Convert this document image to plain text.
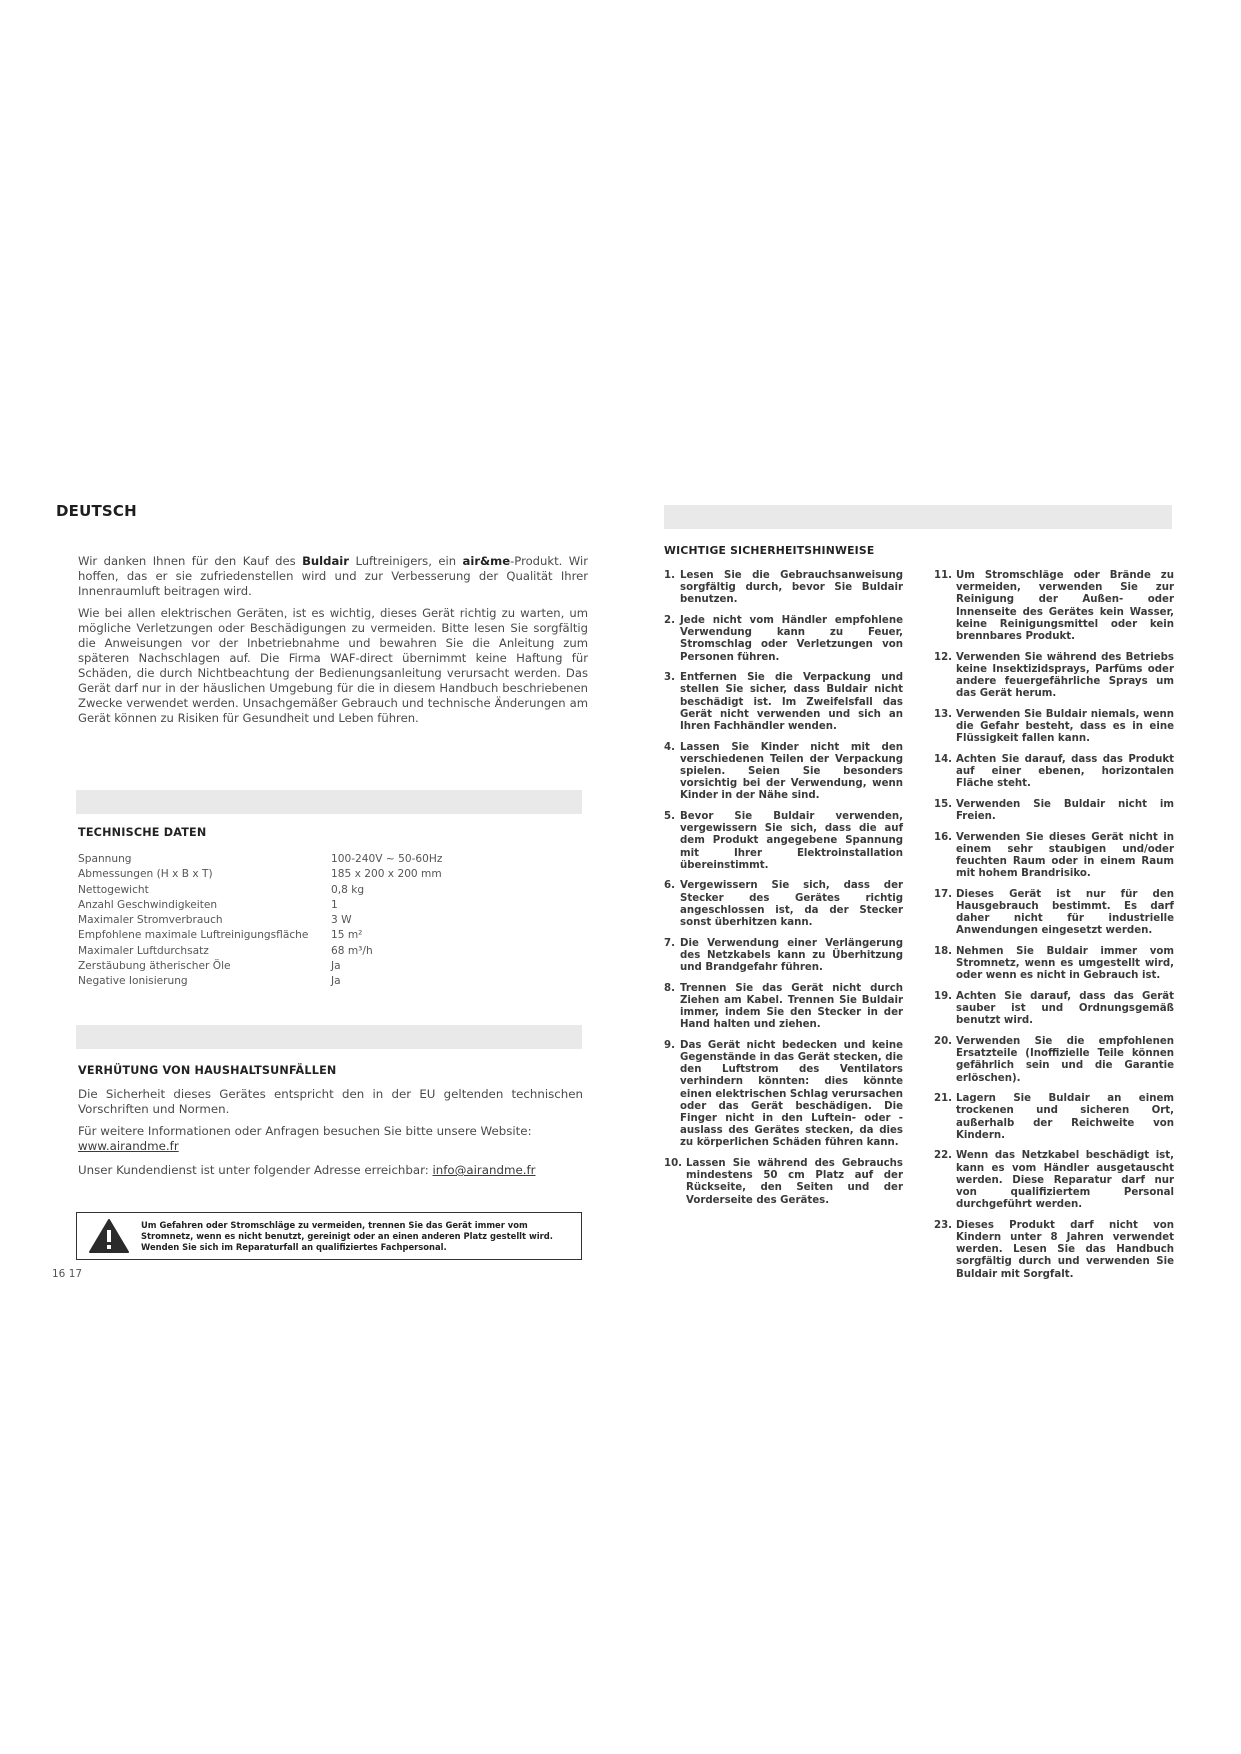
DEUTSCH

Wir danken Ihnen für den Kauf des Buldair Luftreinigers, ein air&me-Produkt. Wir hoffen, das er sie zufriedenstellen wird und zur Verbesserung der Qualität Ihrer Innenraumluft beitragen wird.

Wie bei allen elektrischen Geräten, ist es wichtig, dieses Gerät richtig zu warten, um mögliche Verletzungen oder Beschädigungen zu vermeiden. Bitte lesen Sie sorgfältig die Anweisungen vor der Inbetriebnahme und bewahren Sie die Anleitung zum späteren Nachschlagen auf. Die Firma WAF-direct übernimmt keine Haftung für Schäden, die durch Nichtbeachtung der Bedienungsanleitung verursacht werden. Das Gerät darf nur in der häuslichen Umgebung für die in diesem Handbuch beschriebenen Zwecke verwendet werden. Unsachgemäßer Gebrauch und technische Änderungen am Gerät können zu Risiken für Gesundheit und Leben führen.

TECHNISCHE DATEN
Spannung	100-240V ~ 50-60Hz
Abmessungen (H x B x T)	185 x 200 x 200 mm
Nettogewicht	0,8 kg
Anzahl Geschwindigkeiten	1
Maximaler Stromverbrauch	3 W
Empfohlene maximale Luftreinigungsfläche	15 m²
Maximaler Luftdurchsatz	68 m³/h
Zerstäubung ätherischer Öle	Ja
Negative Ionisierung	Ja
VERHÜTUNG VON HAUSHALTSUNFÄLLEN
Die Sicherheit dieses Gerätes entspricht den in der EU geltenden technischen Vorschriften und Normen.
Für weitere Informationen oder Anfragen besuchen Sie bitte unsere Website:
www.airandme.fr
Unser Kundendienst ist unter folgender Adresse erreichbar: info@airandme.fr
Um Gefahren oder Stromschläge zu vermeiden, trennen Sie das Gerät immer vom Stromnetz, wenn es nicht benutzt, gereinigt oder an einen anderen Platz gestellt wird. Wenden Sie sich im Reparaturfall an qualifiziertes Fachpersonal.
16 17
WICHTIGE SICHERHEITSHINWEISE
1. Lesen Sie die Gebrauchsanweisung sorgfältig durch, bevor Sie Buldair benutzen.
2. Jede nicht vom Händler empfohlene Verwendung kann zu Feuer, Stromschlag oder Verletzungen von Personen führen.
3. Entfernen Sie die Verpackung und stellen Sie sicher, dass Buldair nicht beschädigt ist. Im Zweifelsfall das Gerät nicht verwenden und sich an Ihren Fachhändler wenden.
4. Lassen Sie Kinder nicht mit den verschiedenen Teilen der Verpackung spielen. Seien Sie besonders vorsichtig bei der Verwendung, wenn Kinder in der Nähe sind.
5. Bevor Sie Buldair verwenden, vergewissern Sie sich, dass die auf dem Produkt angegebene Spannung mit Ihrer Elektroinstallation übereinstimmt.
6. Vergewissern Sie sich, dass der Stecker des Gerätes richtig angeschlossen ist, da der Stecker sonst überhitzen kann.
7. Die Verwendung einer Verlängerung des Netzkabels kann zu Überhitzung und Brandgefahr führen.
8. Trennen Sie das Gerät nicht durch Ziehen am Kabel. Trennen Sie Buldair immer, indem Sie den Stecker in der Hand halten und ziehen.
9. Das Gerät nicht bedecken und keine Gegenstände in das Gerät stecken, die den Luftstrom des Ventilators verhindern könnten: dies könnte einen elektrischen Schlag verursachen oder das Gerät beschädigen. Die Finger nicht in den Luftein- oder -auslass des Gerätes stecken, da dies zu körperlichen Schäden führen kann.
10. Lassen Sie während des Gebrauchs mindestens 50 cm Platz auf der Rückseite, den Seiten und der Vorderseite des Gerätes.
11. Um Stromschläge oder Brände zu vermeiden, verwenden Sie zur Reinigung der Außen- oder Innenseite des Gerätes kein Wasser, keine Reinigungsmittel oder kein brennbares Produkt.
12. Verwenden Sie während des Betriebs keine Insektizidsprays, Parfüms oder andere feuergefährliche Sprays um das Gerät herum.
13. Verwenden Sie Buldair niemals, wenn die Gefahr besteht, dass es in eine Flüssigkeit fallen kann.
14. Achten Sie darauf, dass das Produkt auf einer ebenen, horizontalen Fläche steht.
15. Verwenden Sie Buldair nicht im Freien.
16. Verwenden Sie dieses Gerät nicht in einem sehr staubigen und/oder feuchten Raum oder in einem Raum mit hohem Brandrisiko.
17. Dieses Gerät ist nur für den Hausgebrauch bestimmt. Es darf daher nicht für industrielle Anwendungen eingesetzt werden.
18. Nehmen Sie Buldair immer vom Stromnetz, wenn es umgestellt wird, oder wenn es nicht in Gebrauch ist.
19. Achten Sie darauf, dass das Gerät sauber ist und Ordnungsgemäß benutzt wird.
20. Verwenden Sie die empfohlenen Ersatzteile (Inoffizielle Teile können gefährlich sein und die Garantie erlöschen).
21. Lagern Sie Buldair an einem trockenen und sicheren Ort, außerhalb der Reichweite von Kindern.
22. Wenn das Netzkabel beschädigt ist, kann es vom Händler ausgetauscht werden. Diese Reparatur darf nur von qualifiziertem Personal durchgeführt werden.
23. Dieses Produkt darf nicht von Kindern unter 8 Jahren verwendet werden. Lesen Sie das Handbuch sorgfältig durch und verwenden Sie Buldair mit Sorgfalt.
